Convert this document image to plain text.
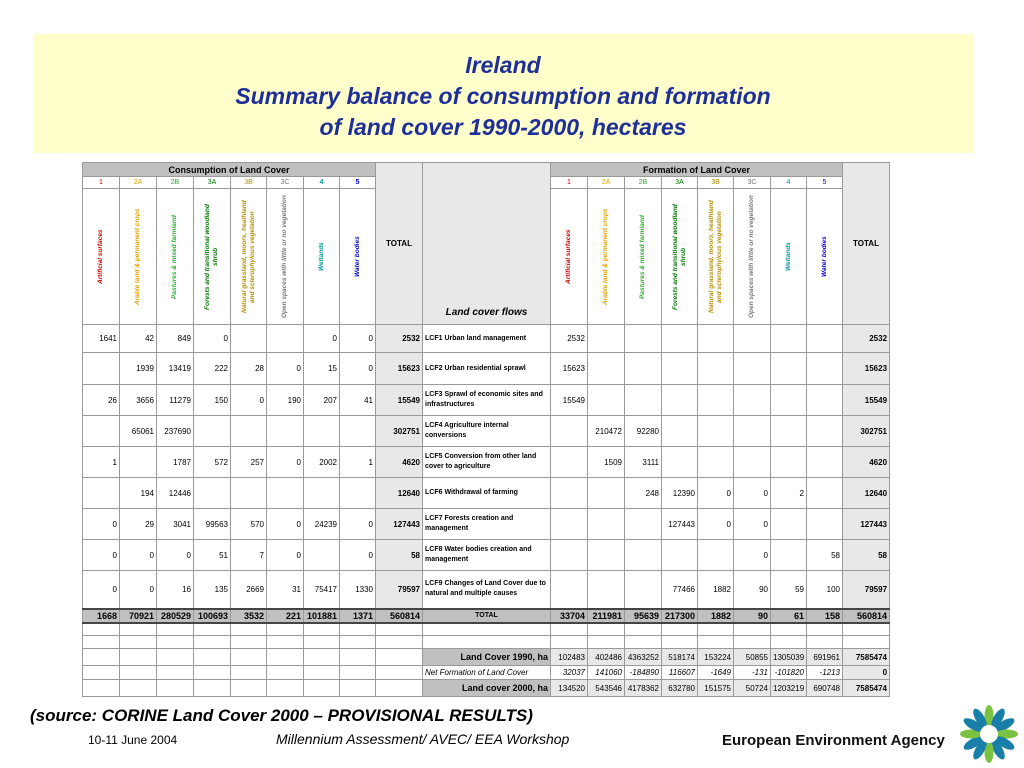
Ireland
Summary balance of consumption and formation
of land cover 1990-2000, hectares
Consumption of Land Cover								TOTAL	Land cover flows	Formation of Land Cover								TOTAL
1	2A	2B	3A	3B	3C	4	5			1	2A	2B	3A	3B	3C	4	5	

Artificial surfaces	Arable land & permanent crops	Pastures & mixed farmland	Forests and transitional woodland shrub	Natural grassland, moors, heathland and sclerophylous vegetation	Open spaces with little or no vegetation	Wetlands	Water bodies			Artificial surfaces	Arable land & permanent crops	Pastures & mixed farmland	Forests and transitional woodland shrub	Natural grassland, moors, heathland and sclerophylous vegetation	Open spaces with little or no vegetation	Wetlands	Water bodies	

1641	42	849	0			0	0	2532	LCF1 Urban land management	2532								2532
	1939	13419	222	28	0	15	0	15623	LCF2 Urban residential sprawl	15623								15623
26	3656	11279	150	0	190	207	41	15549	LCF3 Sprawl of economic sites and infrastructures	15549								15549
	65061	237690						302751	LCF4 Agriculture internal conversions		210472	92280						302751
1		1787	572	257	0	2002	1	4620	LCF5 Conversion from other land cover to agriculture		1509	3111						4620
	194	12446						12640	LCF6 Withdrawal of farming			248	12390	0	0	2		12640
0	29	3041	99563	570	0	24239	0	127443	LCF7 Forests creation and management				127443	0	0			127443
0	0	0	51	7	0		0	58	LCF8 Water bodies creation and management						0		58	58
0	0	16	135	2669	31	75417	1330	79597	LCF9 Changes of Land Cover due to natural and multiple causes				77466	1882	90	59	100	79597
1668	70921	280529	100693	3532	221	101881	1371	560814	TOTAL	33704	211981	95639	217300	1882	90	61	158	560814

									Land Cover 1990, ha	102483	402486	4363252	518174	153224	50855	1305039	691961	7585474
									Net Formation of Land Cover	32037	141060	-184890	116607	-1649	-131	-101820	-1213	0
									Land cover 2000, ha	134520	543546	4178362	632780	151575	50724	1203219	690748	7585474
(source: CORINE Land Cover 2000 – PROVISIONAL RESULTS)
10-11 June 2004	Millennium Assessment/ AVEC/ EEA Workshop	European Environment Agency
